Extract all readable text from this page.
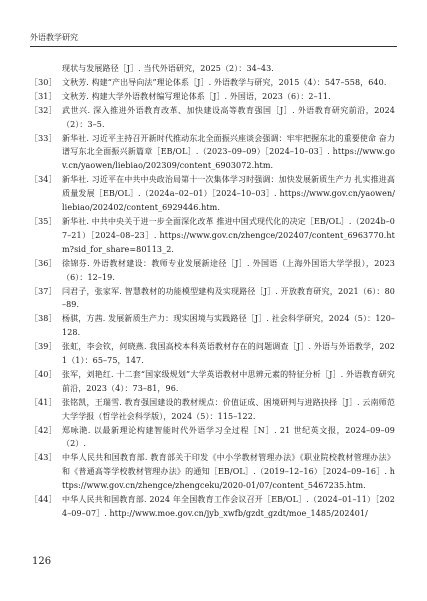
外语教学研究
现状与发展路径［J］. 当代外语研究，2025（2）：34–43.
［30］ 文秋芳. 构建“产出导向法”理论体系［J］. 外语教学与研究，2015（4）：547–558，640.
［31］ 文秋芳. 构建大学外语教材编写理论体系［J］. 外国语，2023（6）：2–11.
［32］ 武世兴. 深入推进外语教育改革、加快建设高等教育强国［J］. 外语教育研究前沿，2024（2）：3–5.
［33］ 新华社. 习近平主持召开新时代推动东北全面振兴座谈会强调：牢牢把握东北的重要使命 奋力谱写东北全面振兴新篇章［EB/OL］.（2023–09–09）［2024–10–03］. https://www.gov.cn/yaowen/liebiao/202309/content_6903072.htm.
［34］ 新华社. 习近平在中共中央政治局第十一次集体学习时强调：加快发展新质生产力 扎实推进高质量发展［EB/OL］.（2024a–02–01）［2024–10–03］. https://www.gov.cn/yaowen/liebiao/202402/content_6929446.htm.
［35］ 新华社. 中共中央关于进一步全面深化改革 推进中国式现代化的决定［EB/OL］.（2024b–07–21）［2024–08–23］. https://www.gov.cn/zhengce/202407/content_6963770.htm?sid_for_share=80113_2.
［36］ 徐锦芬. 外语教材建设：教师专业发展新途径［J］. 外国语（上海外国语大学学报），2023（6）：12–19.
［37］ 闫君子，张家军. 智慧教材的功能模型建构及实现路径［J］. 开放教育研究，2021（6）：80–89.
［38］ 杨骐，方茜. 发展新质生产力：现实困境与实践路径［J］. 社会科学研究，2024（5）：120–128.
［39］ 张虹，李会钦，何晓燕. 我国高校本科英语教材存在的问题调查［J］. 外语与外语教学，2021（1）：65–75，147.
［40］ 张军，刘艳红. 十二套“国家级规划”大学英语教材中思辨元素的特征分析［J］. 外语教育研究前沿，2023（4）：73–81，96.
［41］ 张铭凯，王瑞雪. 教育强国建设的教材规点：价值证成、困境研判与进路抉择［J］. 云南师范大学学报（哲学社会科学版），2024（5）：115–122.
［42］ 郑咏滟. 以最新理论构建智能时代外语学习全过程［N］. 21 世纪英文报，2024–09–09（2）.
［43］ 中华人民共和国教育部. 教育部关于印发《中小学教材管理办法》《职业院校教材管理办法》和《普通高等学校教材管理办法》的通知［EB/OL］.（2019–12–16）［2024–09–16］. https://www.gov.cn/zhengce/zhengceku/2020-01/07/content_5467235.htm.
［44］ 中华人民共和国教育部. 2024 年全国教育工作会议召开［EB/OL］.（2024–01–11）［2024–09–07］. http://www.moe.gov.cn/jyb_xwfb/gzdt_gzdt/moe_1485/202401/
126
